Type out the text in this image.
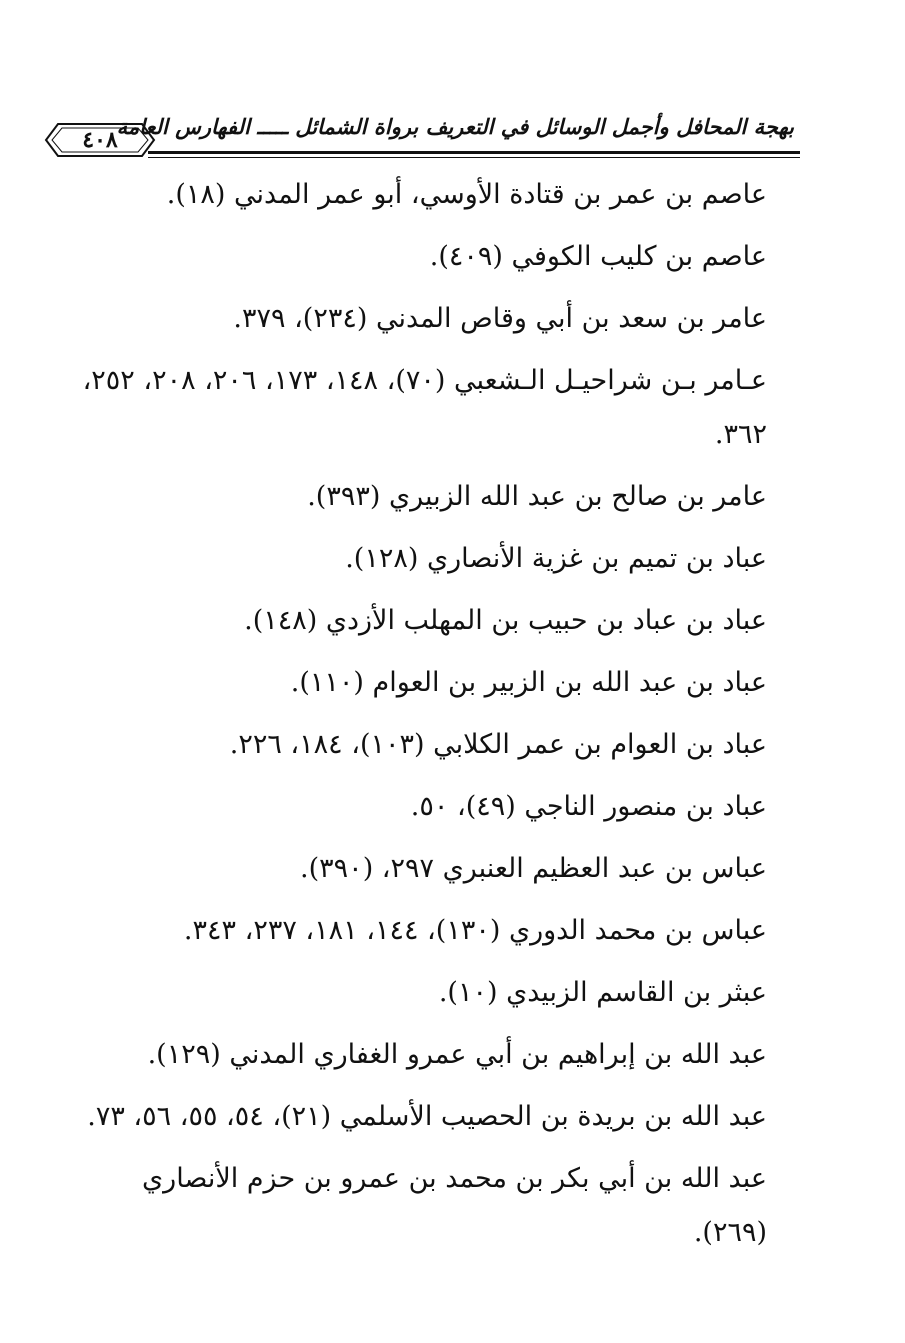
٤٠٨
بهجة المحافل وأجمل الوسائل في التعريف برواة الشمائل ـــــ الفهارس العامة
عاصم بن عمر بن قتادة الأوسي، أبو عمر المدني (١٨).
عاصم بن كليب الكوفي (٤٠٩).
عامر بن سعد بن أبي وقاص المدني (٢٣٤)، ٣٧٩.
عـامر بـن شراحيـل الـشعبي (٧٠)، ١٤٨، ١٧٣، ٢٠٦، ٢٠٨، ٢٥٢،
٣٦٢.
عامر بن صالح بن عبد الله الزبيري (٣٩٣).
عباد بن تميم بن غزية الأنصاري (١٢٨).
عباد بن عباد بن حبيب بن المهلب الأزدي (١٤٨).
عباد بن عبد الله بن الزبير بن العوام (١١٠).
عباد بن العوام بن عمر الكلابي (١٠٣)، ١٨٤، ٢٢٦.
عباد بن منصور الناجي (٤٩)، ٥٠.
عباس بن عبد العظيم العنبري ٢٩٧، (٣٩٠).
عباس بن محمد الدوري (١٣٠)، ١٤٤، ١٨١، ٢٣٧، ٣٤٣.
عبثر بن القاسم الزبيدي (١٠).
عبد الله بن إبراهيم بن أبي عمرو الغفاري المدني (١٢٩).
عبد الله بن بريدة بن الحصيب الأسلمي (٢١)، ٥٤، ٥٥، ٥٦، ٧٣.
عبد الله بن أبي بكر بن محمد بن عمرو بن حزم الأنصاري (٢٦٩).
